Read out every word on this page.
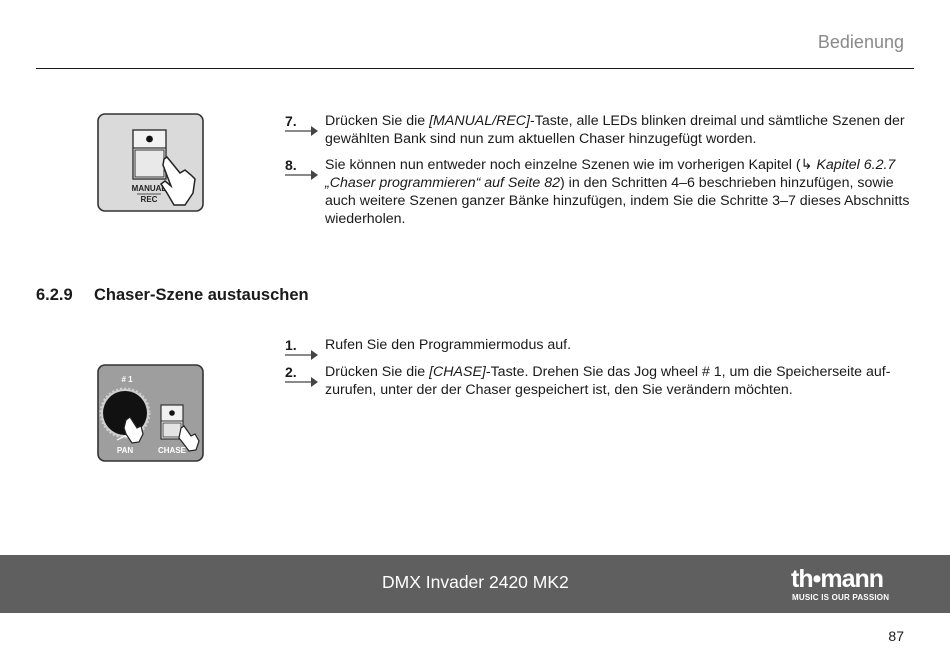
Bedienung
MANUAL
REC
7.	Drücken Sie die [MANUAL/REC]-Taste, alle LEDs blinken dreimal und sämtliche Szenen der gewählten Bank sind nun zum aktuellen Chaser hinzugefügt worden.
8.	Sie können nun entweder noch einzelne Szenen wie im vorherigen Kapitel (↳ Kapitel 6.2.7 „Chaser programmieren“ auf Seite 82) in den Schritten 4–6 beschrieben hinzufügen, sowie auch weitere Szenen ganzer Bänke hinzufügen, indem Sie die Schritte 3–7 dieses Abschnitts wiederholen.
6.2.9 Chaser-Szene austauschen
# 1
PAN	CHASE
1.	Rufen Sie den Programmiermodus auf.
2.	Drücken Sie die [CHASE]-Taste. Drehen Sie das Jog wheel # 1, um die Speicherseite auf-zurufen, unter der der Chaser gespeichert ist, den Sie verändern möchten.
DMX Invader 2420 MK2	th•mann
MUSIC IS OUR PASSION
87
